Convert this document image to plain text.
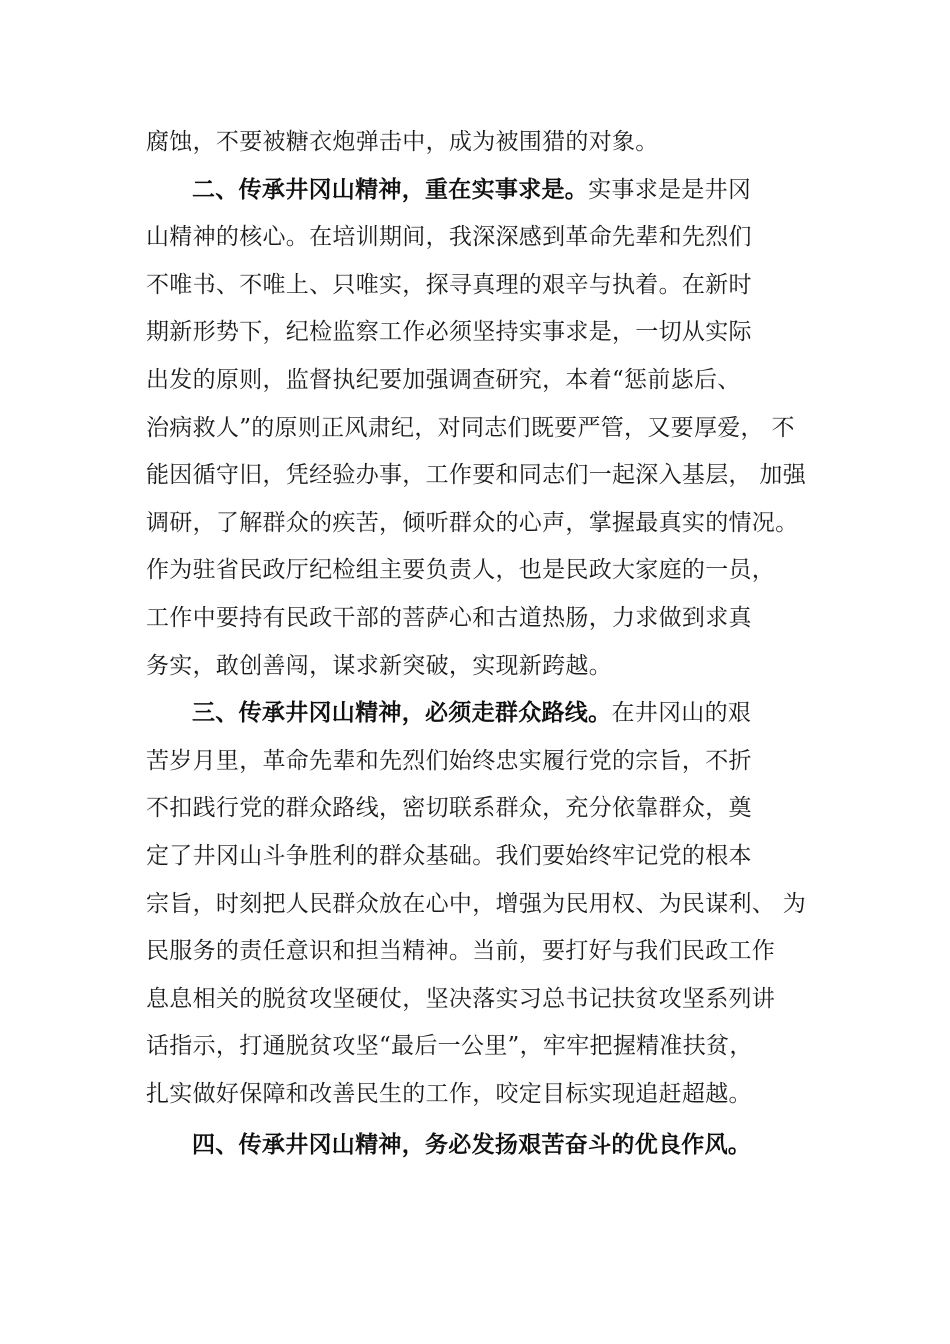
腐蚀，不要被糖衣炮弹击中，成为被围猎的对象。
二、传承井冈山精神，重在实事求是。实事求是是井冈
山精神的核心。在培训期间，我深深感到革命先辈和先烈们
不唯书、不唯上、只唯实，探寻真理的艰辛与执着。在新时
期新形势下，纪检监察工作必须坚持实事求是，一切从实际
出发的原则，监督执纪要加强调查研究，本着“惩前毖后、
治病救人”的原则正风肃纪，对同志们既要严管，又要厚爱， 不
能因循守旧，凭经验办事，工作要和同志们一起深入基层， 加强
调研，了解群众的疾苦，倾听群众的心声，掌握最真实的情况。
作为驻省民政厅纪检组主要负责人，也是民政大家庭的一员，
工作中要持有民政干部的菩萨心和古道热肠，力求做到求真
务实，敢创善闯，谋求新突破，实现新跨越。
三、传承井冈山精神，必须走群众路线。在井冈山的艰
苦岁月里，革命先辈和先烈们始终忠实履行党的宗旨，不折
不扣践行党的群众路线，密切联系群众，充分依靠群众，奠
定了井冈山斗争胜利的群众基础。我们要始终牢记党的根本
宗旨，时刻把人民群众放在心中，增强为民用权、为民谋利、 为
民服务的责任意识和担当精神。当前，要打好与我们民政工作
息息相关的脱贫攻坚硬仗，坚决落实习总书记扶贫攻坚系列讲
话指示，打通脱贫攻坚“最后一公里”，牢牢把握精准扶贫，
扎实做好保障和改善民生的工作，咬定目标实现追赶超越。
四、传承井冈山精神，务必发扬艰苦奋斗的优良作风。
